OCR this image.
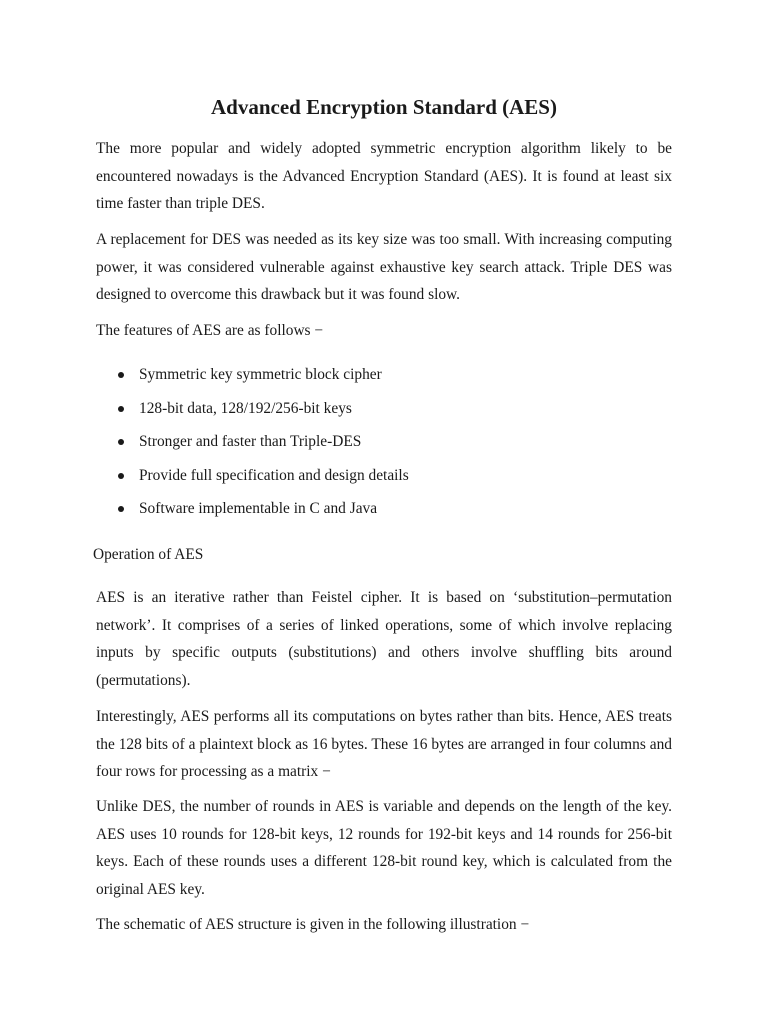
Advanced Encryption Standard (AES)

The more popular and widely adopted symmetric encryption algorithm likely to be encountered nowadays is the Advanced Encryption Standard (AES). It is found at least six time faster than triple DES.

A replacement for DES was needed as its key size was too small. With increasing computing power, it was considered vulnerable against exhaustive key search attack. Triple DES was designed to overcome this drawback but it was found slow.

The features of AES are as follows −

Symmetric key symmetric block cipher
128-bit data, 128/192/256-bit keys
Stronger and faster than Triple-DES
Provide full specification and design details
Software implementable in C and Java

Operation of AES

AES is an iterative rather than Feistel cipher. It is based on ‘substitution–permutation network’. It comprises of a series of linked operations, some of which involve replacing inputs by specific outputs (substitutions) and others involve shuffling bits around (permutations).

Interestingly, AES performs all its computations on bytes rather than bits. Hence, AES treats the 128 bits of a plaintext block as 16 bytes. These 16 bytes are arranged in four columns and four rows for processing as a matrix −

Unlike DES, the number of rounds in AES is variable and depends on the length of the key. AES uses 10 rounds for 128-bit keys, 12 rounds for 192-bit keys and 14 rounds for 256-bit keys. Each of these rounds uses a different 128-bit round key, which is calculated from the original AES key.

The schematic of AES structure is given in the following illustration −
